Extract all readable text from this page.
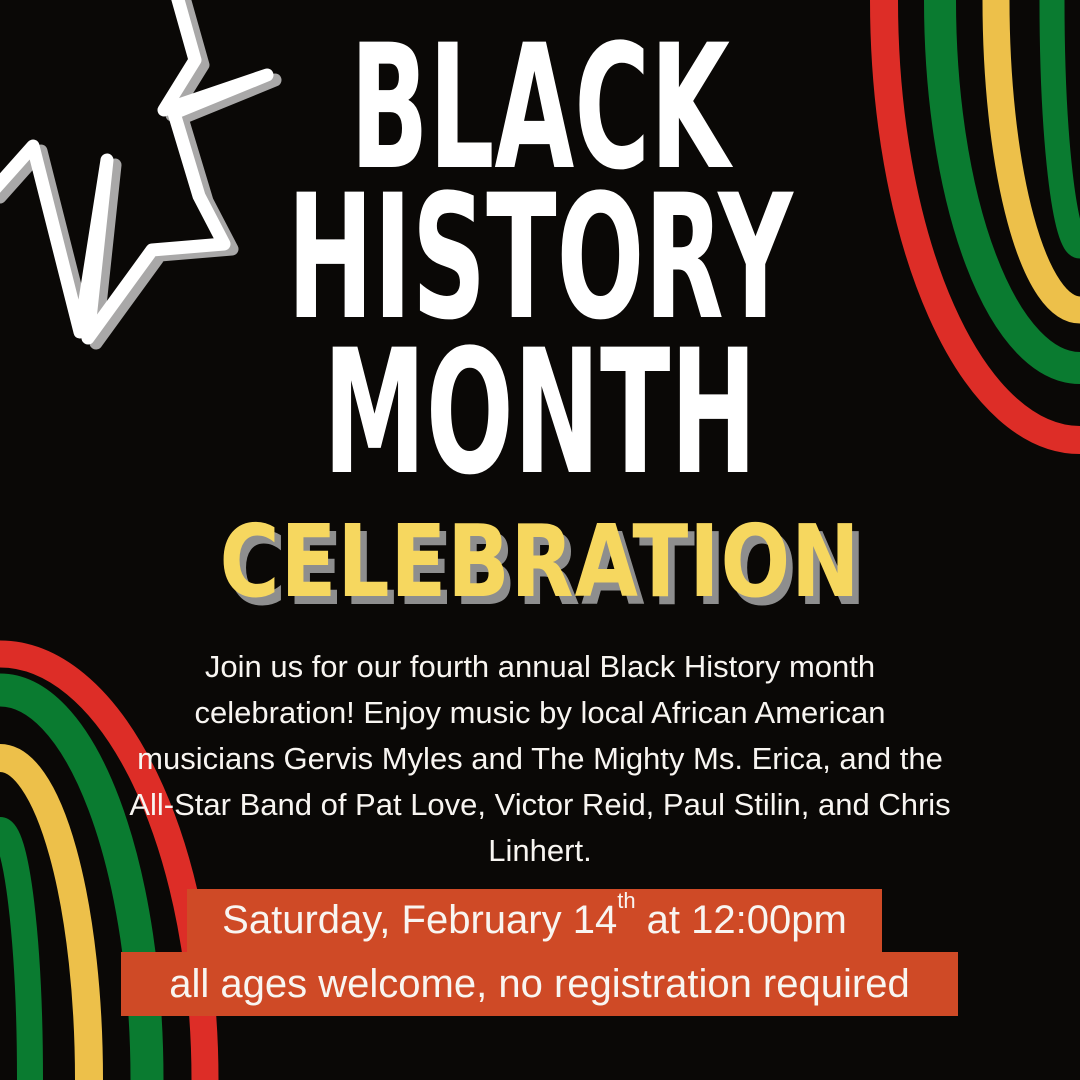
BLACK
HISTORY
MONTH
CELEBRATION
Join us for our fourth annual Black History month
celebration! Enjoy music by local African American
musicians Gervis Myles and The Mighty Ms. Erica, and the
All-Star Band of Pat Love, Victor Reid, Paul Stilin, and Chris
Linhert.
Saturday, February 14th at 12:00pm
all ages welcome, no registration required
